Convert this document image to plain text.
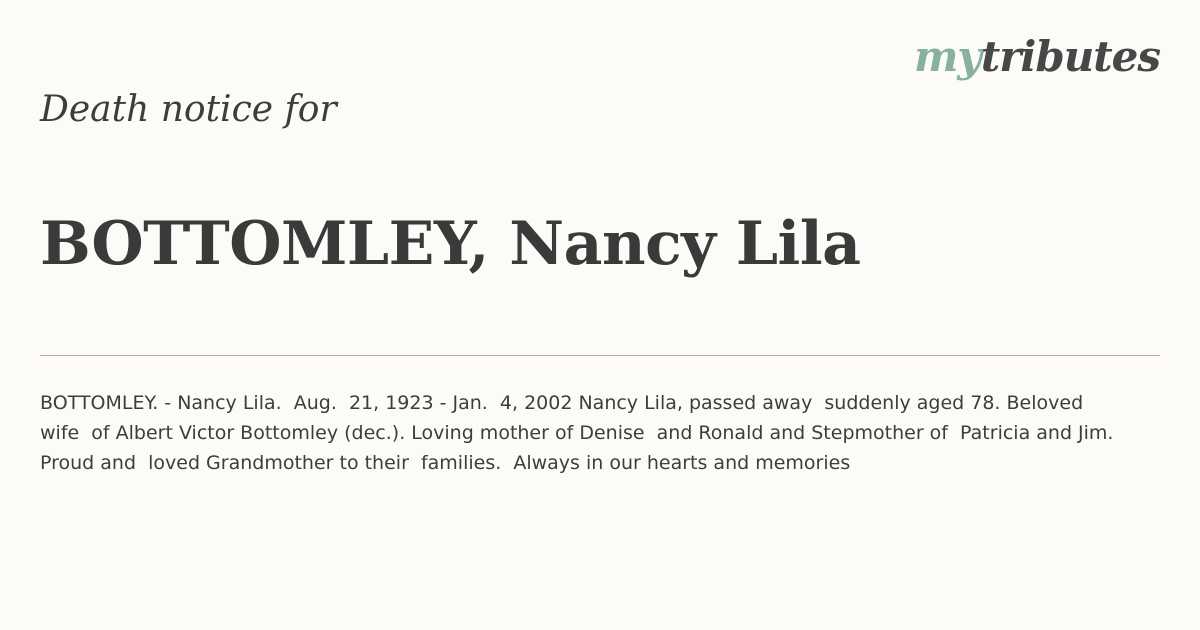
mytributes
Death notice for
BOTTOMLEY, Nancy Lila

BOTTOMLEY. - Nancy Lila.  Aug.  21, 1923 - Jan.  4, 2002 Nancy Lila, passed away  suddenly aged 78. Beloved wife  of Albert Victor Bottomley (dec.). Loving mother of Denise  and Ronald and Stepmother of  Patricia and Jim.  Proud and  loved Grandmother to their  families.  Always in our hearts and memories
